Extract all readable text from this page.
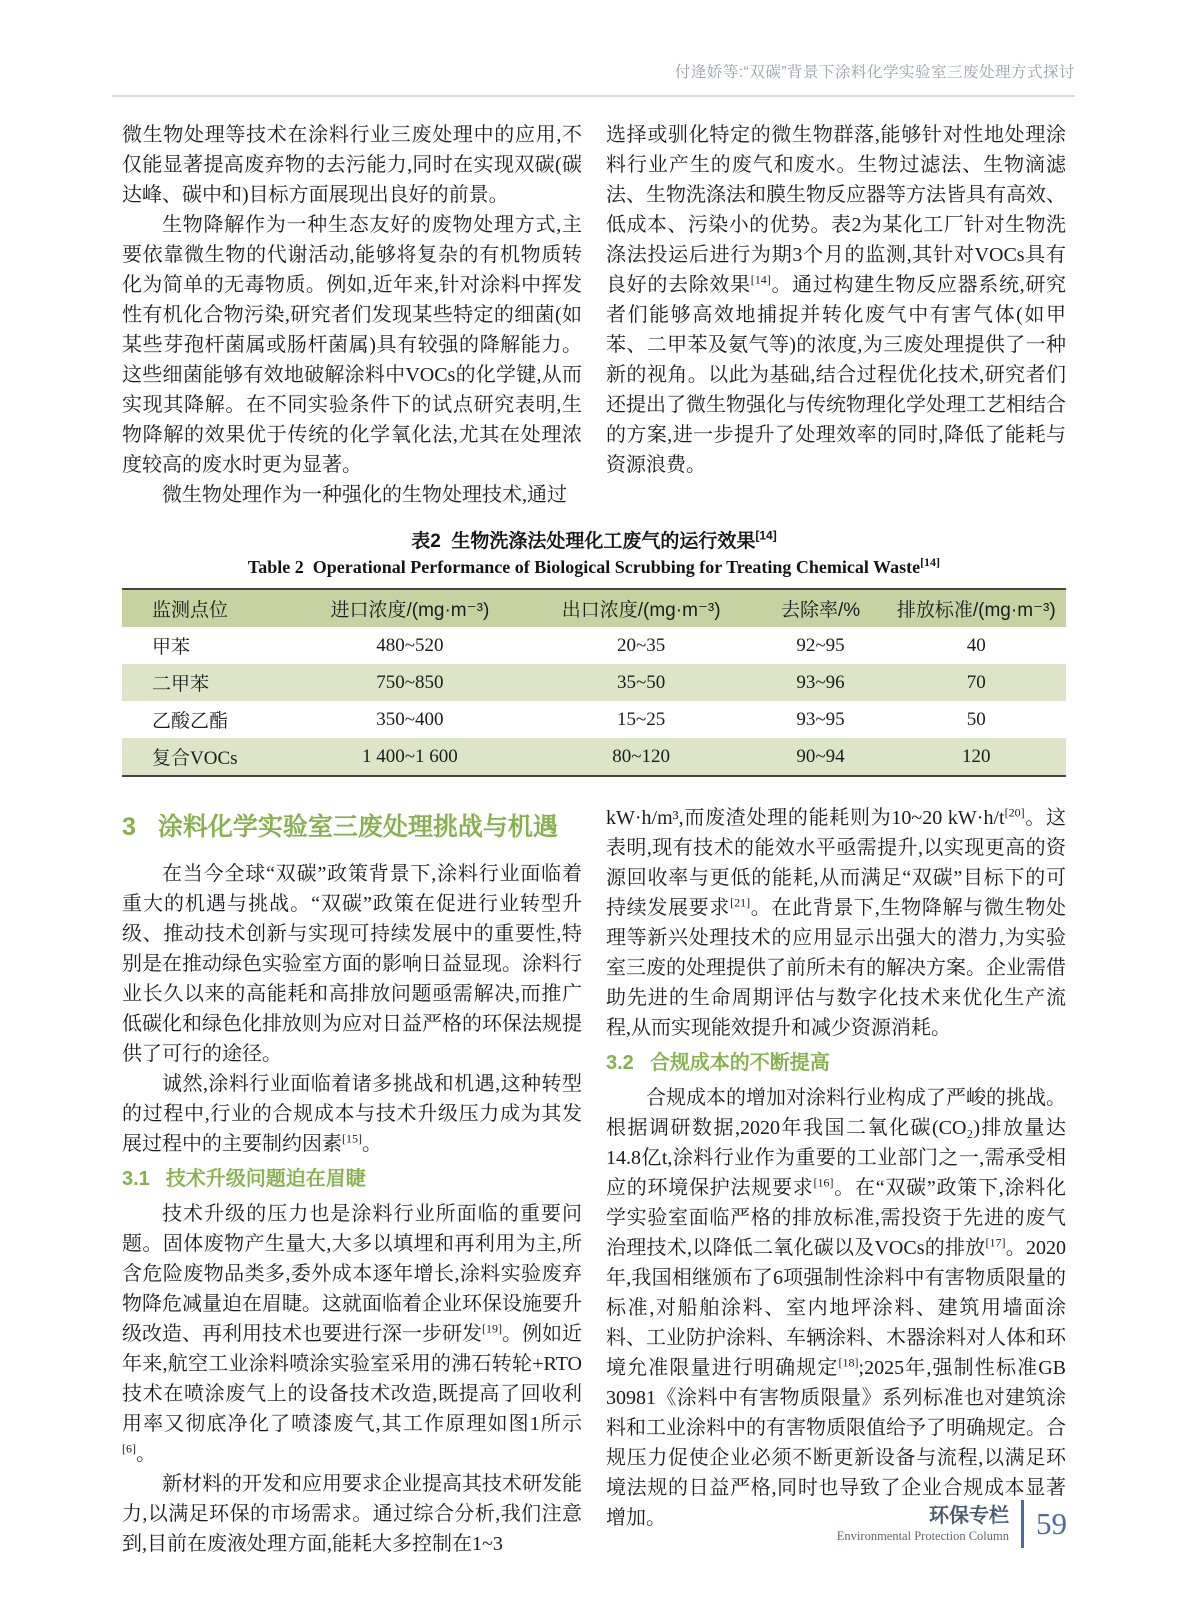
付逄娇等:“双碳”背景下涂料化学实验室三废处理方式探讨

微生物处理等技术在涂料行业三废处理中的应用,不仅能显著提高废弃物的去污能力,同时在实现双碳(碳达峰、碳中和)目标方面展现出良好的前景。

生物降解作为一种生态友好的废物处理方式,主要依靠微生物的代谢活动,能够将复杂的有机物质转化为简单的无毒物质。例如,近年来,针对涂料中挥发性有机化合物污染,研究者们发现某些特定的细菌(如某些芽孢杆菌属或肠杆菌属)具有较强的降解能力。这些细菌能够有效地破解涂料中VOCs的化学键,从而实现其降解。在不同实验条件下的试点研究表明,生物降解的效果优于传统的化学氧化法,尤其在处理浓度较高的废水时更为显著。

微生物处理作为一种强化的生物处理技术,通过

选择或驯化特定的微生物群落,能够针对性地处理涂料行业产生的废气和废水。生物过滤法、生物滴滤法、生物洗涤法和膜生物反应器等方法皆具有高效、低成本、污染小的优势。表2为某化工厂针对生物洗涤法投运后进行为期3个月的监测,其针对VOCs具有良好的去除效果[14]。通过构建生物反应器系统,研究者们能够高效地捕捉并转化废气中有害气体(如甲苯、二甲苯及氨气等)的浓度,为三废处理提供了一种新的视角。以此为基础,结合过程优化技术,研究者们还提出了微生物强化与传统物理化学处理工艺相结合的方案,进一步提升了处理效率的同时,降低了能耗与资源浪费。

表2  生物洗涤法处理化工废气的运行效果[14]
Table 2  Operational Performance of Biological Scrubbing for Treating Chemical Waste[14]
监测点位	进口浓度/(mg·m⁻³)	出口浓度/(mg·m⁻³)	去除率/%	排放标准/(mg·m⁻³)
甲苯	480~520	20~35	92~95	40
二甲苯	750~850	35~50	93~96	70
乙酸乙酯	350~400	15~25	93~95	50
复合VOCs	1 400~1 600	80~120	90~94	120
3 涂料化学实验室三废处理挑战与机遇

在当今全球“双碳”政策背景下,涂料行业面临着重大的机遇与挑战。“双碳”政策在促进行业转型升级、推动技术创新与实现可持续发展中的重要性,特别是在推动绿色实验室方面的影响日益显现。涂料行业长久以来的高能耗和高排放问题亟需解决,而推广低碳化和绿色化排放则为应对日益严格的环保法规提供了可行的途径。

诚然,涂料行业面临着诸多挑战和机遇,这种转型的过程中,行业的合规成本与技术升级压力成为其发展过程中的主要制约因素[15]。

3.1 技术升级问题迫在眉睫

技术升级的压力也是涂料行业所面临的重要问题。固体废物产生量大,大多以填埋和再利用为主,所含危险废物品类多,委外成本逐年增长,涂料实验废弃物降危减量迫在眉睫。这就面临着企业环保设施要升级改造、再利用技术也要进行深一步研发[19]。例如近年来,航空工业涂料喷涂实验室采用的沸石转轮+RTO技术在喷涂废气上的设备技术改造,既提高了回收利用率又彻底净化了喷漆废气,其工作原理如图1所示[6]。

新材料的开发和应用要求企业提高其技术研发能力,以满足环保的市场需求。通过综合分析,我们注意到,目前在废液处理方面,能耗大多控制在1~3

kW·h/m³,而废渣处理的能耗则为10~20 kW·h/t[20]。这表明,现有技术的能效水平亟需提升,以实现更高的资源回收率与更低的能耗,从而满足“双碳”目标下的可持续发展要求[21]。在此背景下,生物降解与微生物处理等新兴处理技术的应用显示出强大的潜力,为实验室三废的处理提供了前所未有的解决方案。企业需借助先进的生命周期评估与数字化技术来优化生产流程,从而实现能效提升和减少资源消耗。

3.2 合规成本的不断提高

合规成本的增加对涂料行业构成了严峻的挑战。根据调研数据,2020年我国二氧化碳(CO₂)排放量达14.8亿t,涂料行业作为重要的工业部门之一,需承受相应的环境保护法规要求[16]。在“双碳”政策下,涂料化学实验室面临严格的排放标准,需投资于先进的废气治理技术,以降低二氧化碳以及VOCs的排放[17]。2020年,我国相继颁布了6项强制性涂料中有害物质限量的标准,对船舶涂料、室内地坪涂料、建筑用墙面涂料、工业防护涂料、车辆涂料、木器涂料对人体和环境允准限量进行明确规定[18];2025年,强制性标准GB 30981《涂料中有害物质限量》系列标准也对建筑涂料和工业涂料中的有害物质限值给予了明确规定。合规压力促使企业必须不断更新设备与流程,以满足环境法规的日益严格,同时也导致了企业合规成本显著增加。	环保专栏
Environmental Protection Column 59
